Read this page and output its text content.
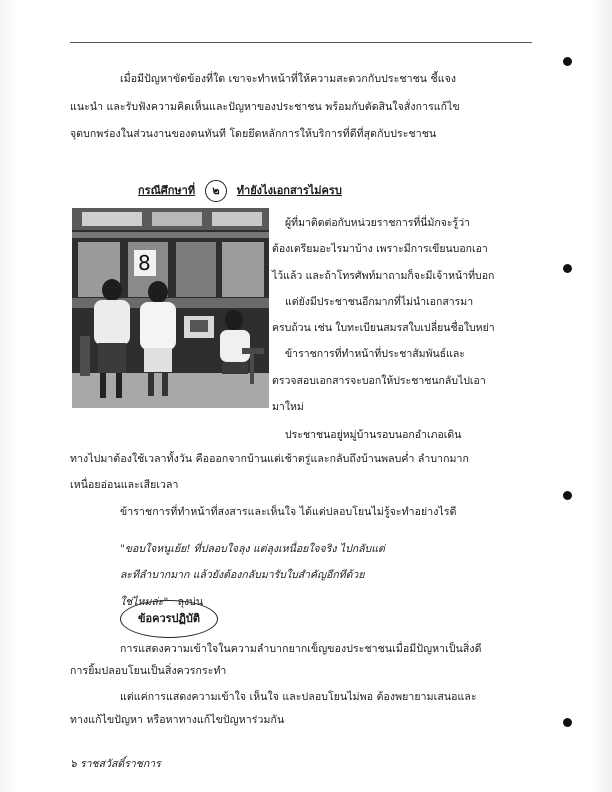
เมื่อมีปัญหาขัดข้องที่ใด เขาจะทำหน้าที่ให้ความสะดวกกับประชาชน ชี้แจง
แนะนำ และรับฟังความคิดเห็นและปัญหาของประชาชน พร้อมกับตัดสินใจสั่งการแก้ไข
จุดบกพร่องในส่วนงานของตนทันที โดยยึดหลักการให้บริการที่ดีที่สุดกับประชาชน
กรณีศึกษาที่ ๒ ทำยังไงเอกสารไม่ครบ
8
ผู้ที่มาติดต่อกับหน่วยราชการที่นี่มักจะรู้ว่า
ต้องเตรียมอะไรมาบ้าง เพราะมีการเขียนบอกเอา
ไว้แล้ว และถ้าโทรศัพท์มาถามก็จะมีเจ้าหน้าที่บอก
แต่ยังมีประชาชนอีกมากที่ไม่นำเอกสารมา
ครบถ้วน เช่น ใบทะเบียนสมรสใบเปลี่ยนชื่อใบหย่า
ข้าราชการที่ทำหน้าที่ประชาสัมพันธ์และ
ตรวจสอบเอกสารจะบอกให้ประชาชนกลับไปเอา
มาใหม่
ประชาชนอยู่หมู่บ้านรอบนอกอำเภอเดิน
ทางไปมาต้องใช้เวลาทั้งวัน คือออกจากบ้านแต่เช้าตรู่และกลับถึงบ้านพลบค่ำ ลำบากมาก
เหนื่อยอ่อนและเสียเวลา
ข้าราชการที่ทำหน้าที่สงสารและเห็นใจ ได้แต่ปลอบโยนไม่รู้จะทำอย่างไรดี
"ขอบใจหนูเย้ย! ที่ปลอบใจลุง แต่ลุงเหนื่อยใจจริง ไปกลับแต่
ละทีลำบากมาก แล้วยังต้องกลับมารับใบสำคัญอีกทีด้วย
ใช่ไหมล่ะ" ลุงบ่น
ข้อควรปฏิบัติ
การแสดงความเข้าใจในความลำบากยากเข็ญของประชาชนเมื่อมีปัญหาเป็นสิ่งดี
การยิ้มปลอบโยนเป็นสิ่งควรกระทำ
แต่แค่การแสดงความเข้าใจ เห็นใจ และปลอบโยนไม่พอ ต้องพยายามเสนอและ
ทางแก้ไขปัญหา หรือหาทางแก้ไขปัญหาร่วมกัน
๖ ราชสวัสดิ์ราชการ
